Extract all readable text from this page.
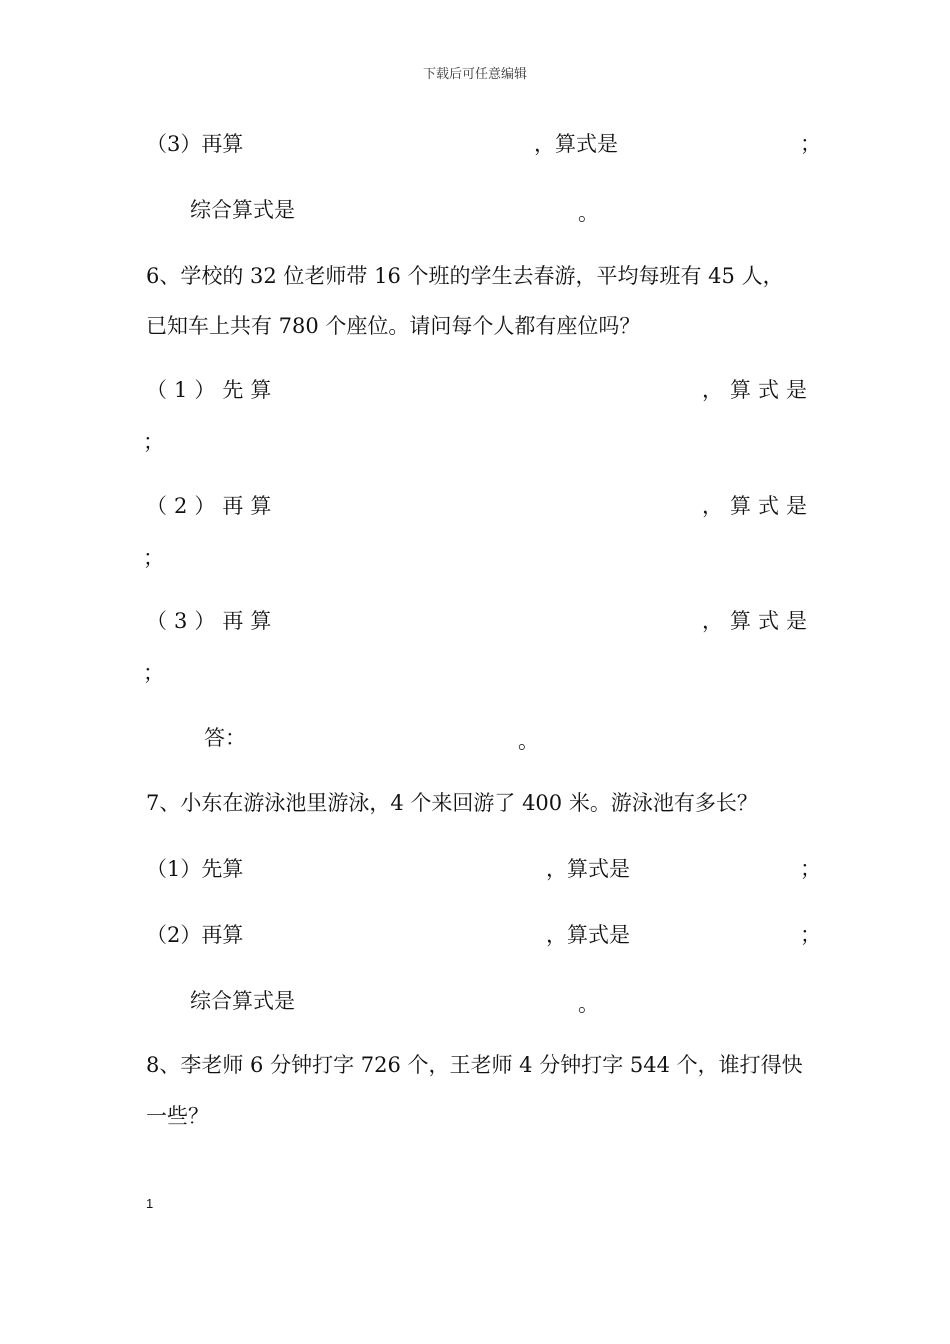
下载后可任意编辑
（3）再算	，算式是	；
综合算式是	。
6、学校的 32 位老师带 16 个班的学生去春游，平均每班有 45 人，
已知车上共有 780 个座位。请问每个人都有座位吗？
（1）先算	，算式是
；
（2）再算	，算式是
；
（3）再算	，算式是
；
答：	。
7、小东在游泳池里游泳，4 个来回游了 400 米。游泳池有多长？
（1）先算	，算式是	；
（2）再算	，算式是	；
综合算式是	。
8、李老师 6 分钟打字 726 个，王老师 4 分钟打字 544 个，谁打得快
一些？
1
